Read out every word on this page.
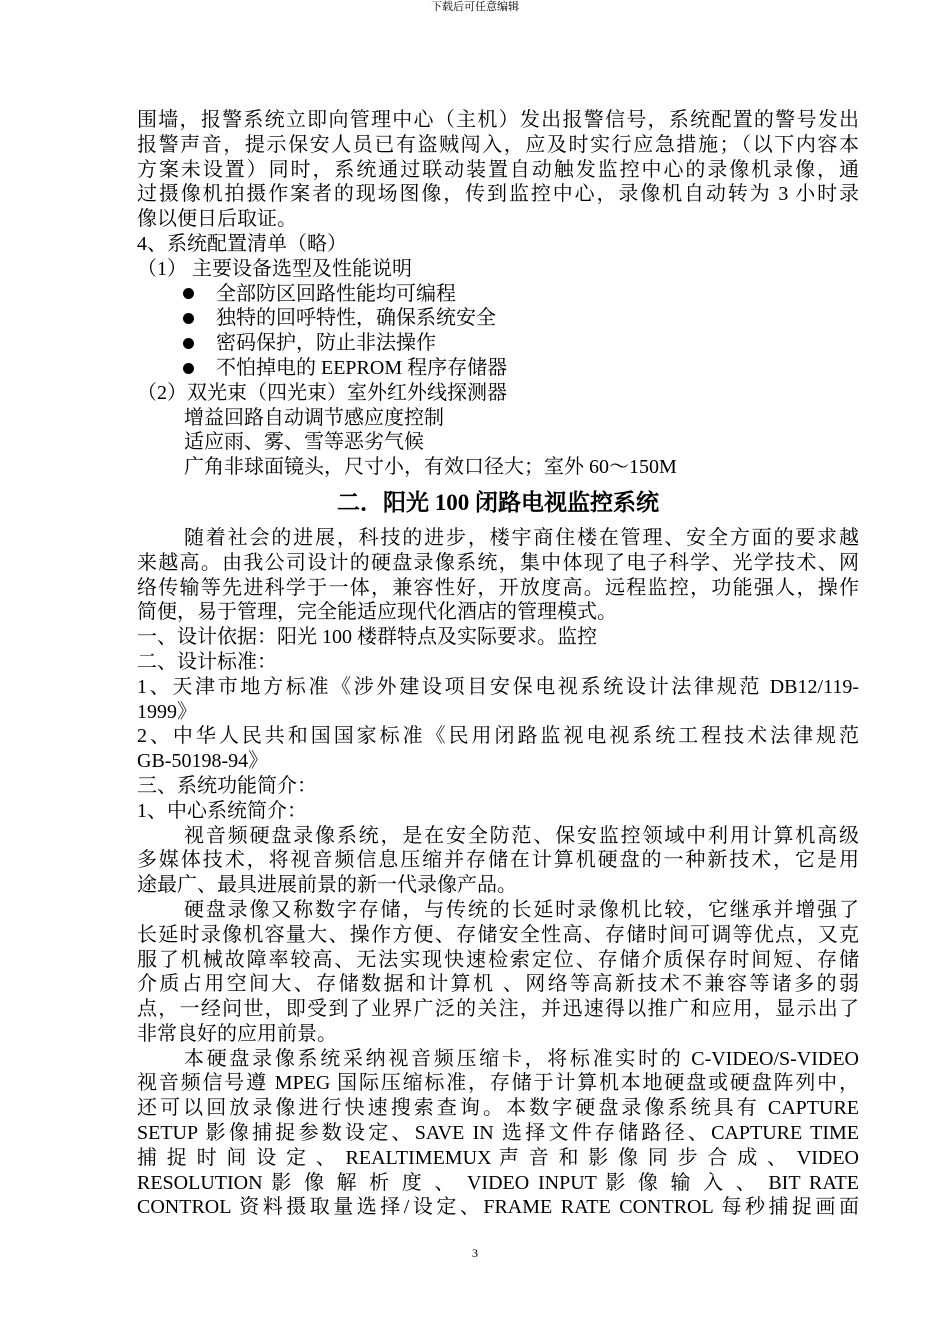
下载后可任意编辑
围墙，报警系统立即向管理中心（主机）发出报警信号，系统配置的警号发出
报警声音，提示保安人员已有盗贼闯入，应及时实行应急措施；（以下内容本
方案未设置）同时，系统通过联动装置自动触发监控中心的录像机录像，通
过摄像机拍摄作案者的现场图像，传到监控中心，录像机自动转为 3 小时录
像以便日后取证。
4、系统配置清单（略）
（1） 主要设备选型及性能说明
全部防区回路性能均可编程
独特的回呼特性，确保系统安全
密码保护，防止非法操作
不怕掉电的 EEPROM 程序存储器
（2）双光束（四光束）室外红外线探测器
增益回路自动调节感应度控制
适应雨、雾、雪等恶劣气候
广角非球面镜头，尺寸小，有效口径大；室外 60～150M
二．阳光 100 闭路电视监控系统
随着社会的进展，科技的进步，楼宇商住楼在管理、安全方面的要求越
来越高。由我公司设计的硬盘录像系统，集中体现了电子科学、光学技术、网
络传输等先进科学于一体，兼容性好，开放度高。远程监控，功能强人，操作
简便，易于管理，完全能适应现代化酒店的管理模式。
一、设计依据：阳光 100 楼群特点及实际要求。监控
二、设计标准：
1、天津市地方标准《涉外建设项目安保电视系统设计法律规范 DB12/119-
1999》
2、中华人民共和国国家标准《民用闭路监视电视系统工程技术法律规范
GB-50198-94》
三、系统功能简介：
1、中心系统简介：
视音频硬盘录像系统，是在安全防范、保安监控领域中利用计算机高级
多媒体技术，将视音频信息压缩并存储在计算机硬盘的一种新技术，它是用
途最广、最具进展前景的新一代录像产品。
硬盘录像又称数字存储，与传统的长延时录像机比较，它继承并增强了
长延时录像机容量大、操作方便、存储安全性高、存储时间可调等优点，又克
服了机械故障率较高、无法实现快速检索定位、存储介质保存时间短、存储
介质占用空间大、存储数据和计算机 、网络等高新技术不兼容等诸多的弱
点，一经问世，即受到了业界广泛的关注，并迅速得以推广和应用，显示出了
非常良好的应用前景。
本硬盘录像系统采纳视音频压缩卡，将标准实时的 C-VIDEO/S-VIDEO
视音频信号遵 MPEG 国际压缩标准，存储于计算机本地硬盘或硬盘阵列中，
还可以回放录像进行快速搜索查询。本数字硬盘录像系统具有 CAPTURE
SETUP 影像捕捉参数设定、SAVE IN 选择文件存储路径、CAPTURE TIME
捕 捉 时 间 设 定 、 REALTIMEMUX 声 音 和 影 像 同 步 合 成 、 VIDEO
RESOLUTION 影 像 解 析 度 、 VIDEO INPUT 影 像 输 入 、 BIT RATE
CONTROL 资料摄取量选择/设定、FRAME RATE CONTROL 每秒捕捉画面
3
